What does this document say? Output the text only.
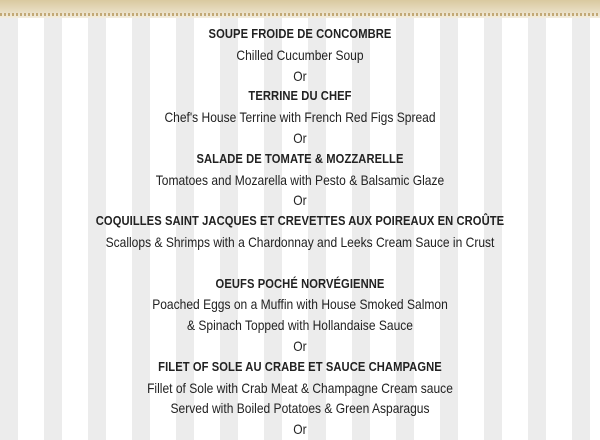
SOUPE FROIDE DE CONCOMBRE
Chilled Cucumber Soup
Or
TERRINE DU CHEF
Chef's House Terrine with French Red Figs Spread
Or
SALADE DE TOMATE & MOZZARELLE
Tomatoes and Mozarella with Pesto & Balsamic Glaze
Or
COQUILLES SAINT JACQUES ET CREVETTES AUX POIREAUX EN CROÛTE
Scallops & Shrimps with a Chardonnay and Leeks Cream Sauce in Crust
OEUFS POCHÉ NORVÉGIENNE
Poached Eggs on a Muffin with House Smoked Salmon
& Spinach Topped with Hollandaise Sauce
Or
FILET OF SOLE AU CRABE ET SAUCE CHAMPAGNE
Fillet of Sole with Crab Meat & Champagne Cream sauce
Served with Boiled Potatoes & Green Asparagus
Or
